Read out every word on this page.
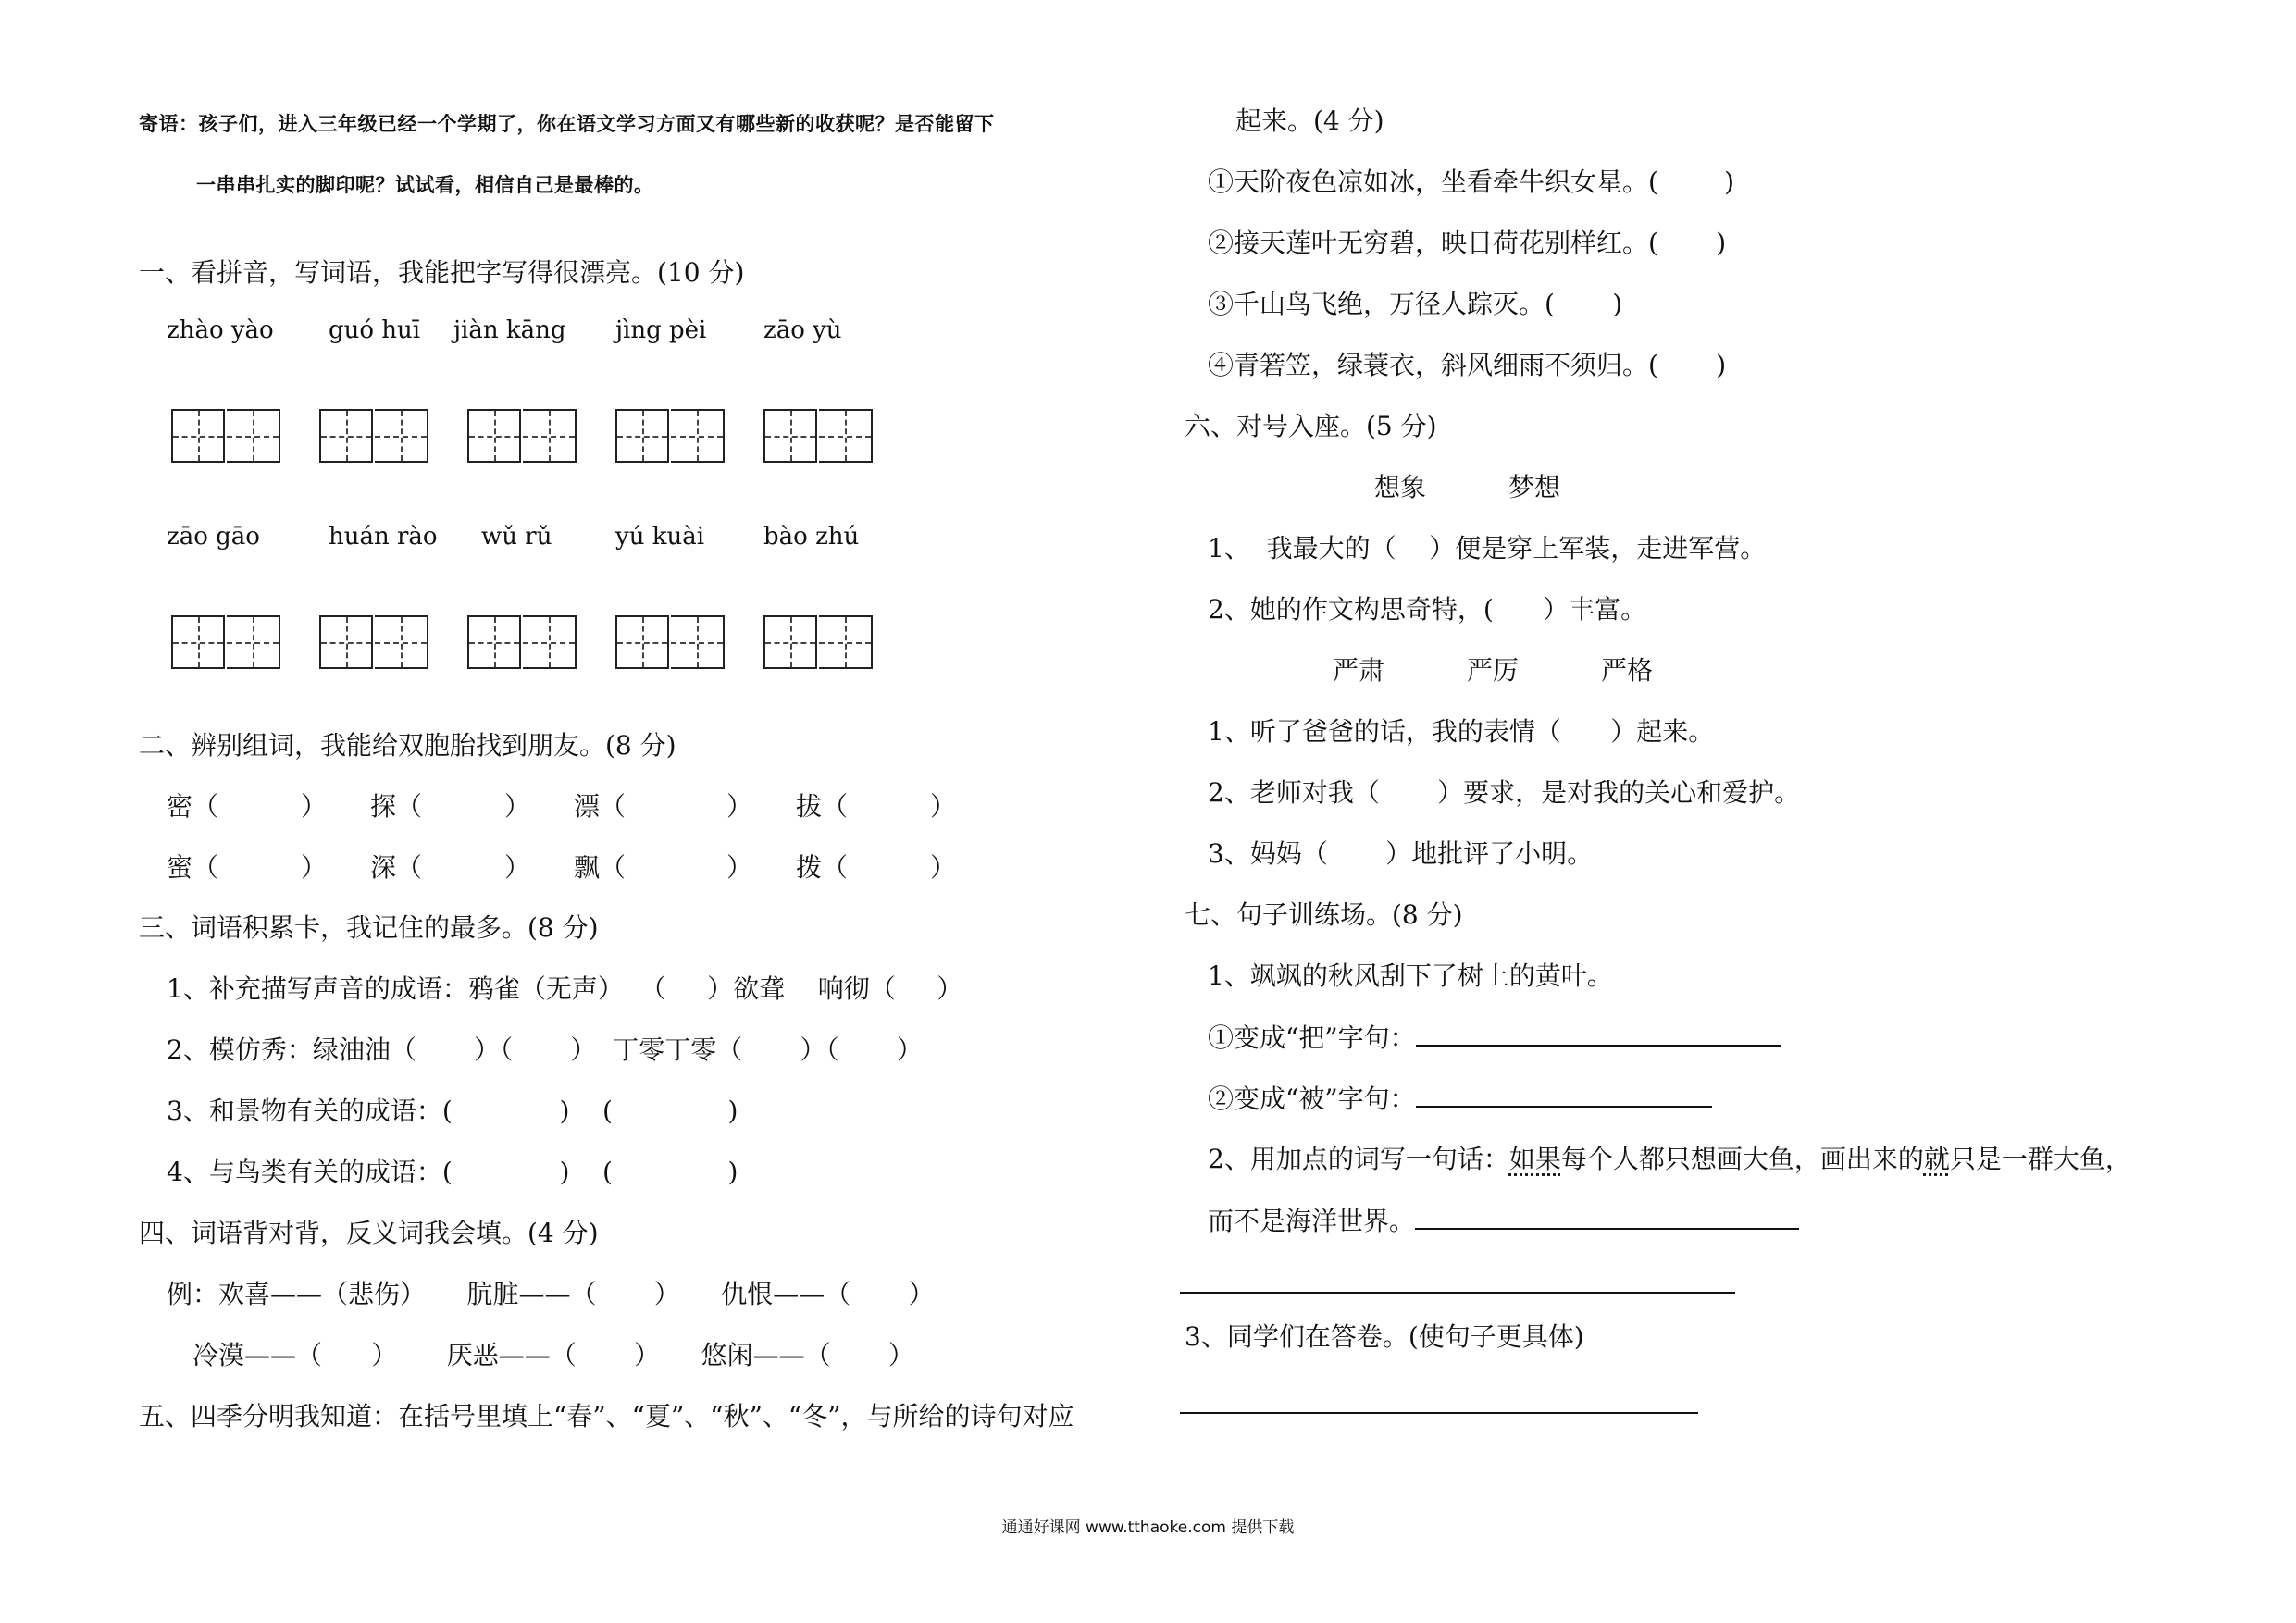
寄语：孩子们，进入三年级已经一个学期了，你在语文学习方面又有哪些新的收获呢？是否能留下
一串串扎实的脚印呢？试试看，相信自己是最棒的。
一、看拼音，写词语，我能把字写得很漂亮。(10 分)
zhào yào guó huī jiàn kāng jìng pèi zāo yù
zāo gāo	huán rào wǔ rǔ	yú kuài bào zhú
二、辨别组词，我能给双胞胎找到朋友。(8 分)
密（	） 探（	） 漂（	） 拔（	）
蜜（	） 深（	） 飘（	） 拨（	）
三、词语积累卡，我记住的最多。(8 分)
1、补充描写声音的成语：鸦雀（无声）  （     ）欲聋    响彻（     ）
2、模仿秀：绿油油（       ）（       ）  丁零丁零（       ）（       ）
3、和景物有关的成语：(             )    (              )
4、与鸟类有关的成语：(             )    (              )
四、词语背对背，反义词我会填。(4 分)
例：欢喜——（悲伤）     肮脏——（       ）     仇恨——（       ）
冷漠——（      ）      厌恶——（       ）     悠闲——（       ）
五、四季分明我知道：在括号里填上“春”、“夏”、“秋”、“冬”，与所给的诗句对应
起来。(4 分)
①天阶夜色凉如冰，坐看牵牛织女星。(        )
②接天莲叶无穷碧，映日荷花别样红。(       )
③千山鸟飞绝，万径人踪灭。(       )
④青箬笠，绿蓑衣，斜风细雨不须归。(       )
六、对号入座。(5 分)
想象          梦想
1、  我最大的（    ）便是穿上军装，走进军营。
2、她的作文构思奇特，(      ）丰富。
严肃          严厉          严格
1、听了爸爸的话，我的表情（      ）起来。
2、老师对我（       ）要求，是对我的关心和爱护。
3、妈妈（       ）地批评了小明。
七、句子训练场。(8 分)
1、飒飒的秋风刮下了树上的黄叶。
①变成“把”字句：
②变成“被”字句：
2、用加点的词写一句话：如果每个人都只想画大鱼，画出来的就只是一群大鱼，
而不是海洋世界。
3、同学们在答卷。(使句子更具体)
通通好课网 www.tthaoke.com 提供下载
